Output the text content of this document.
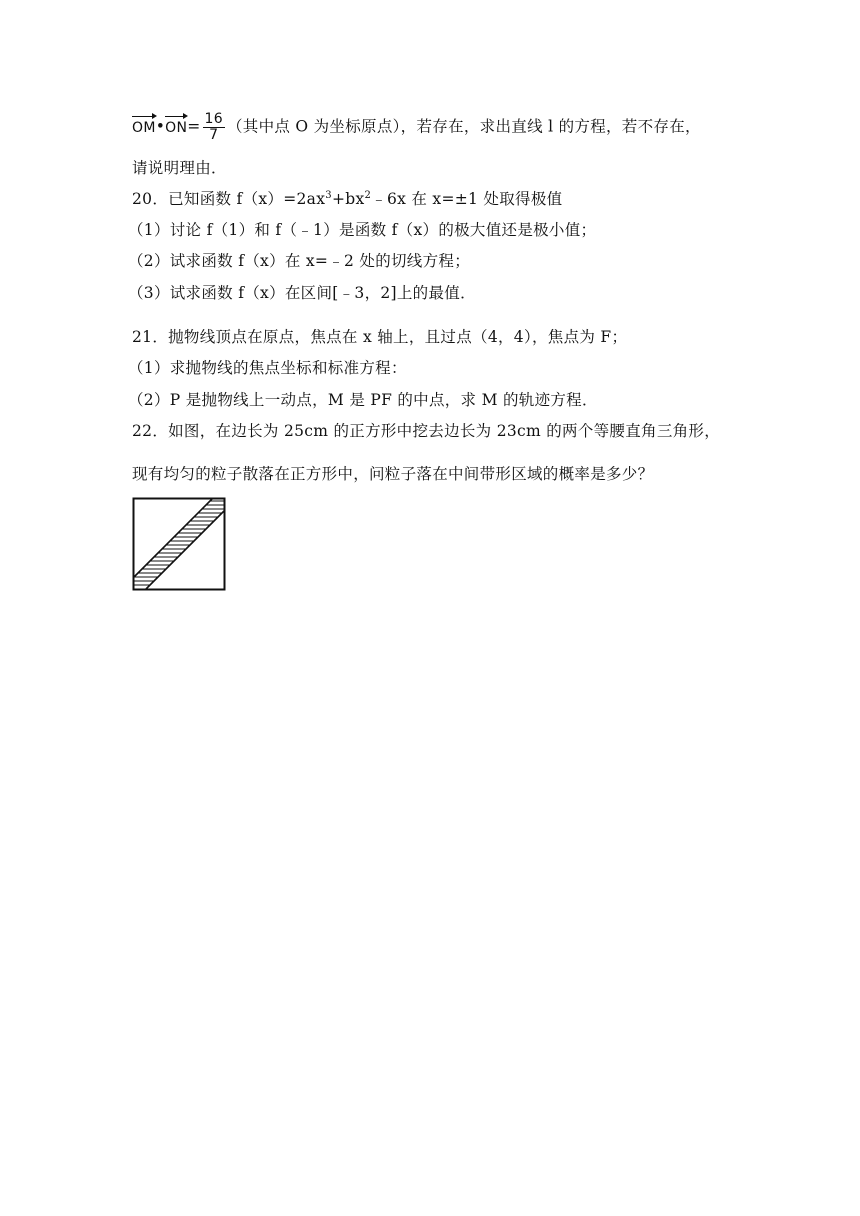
OM•ON= $\frac{16}{7}$ （其中点 O 为坐标原点），若存在，求出直线 l 的方程，若不存在，
请说明理由．
20．已知函数 $f(x)=2ax^3+bx^2﹣6x$ 在 x=±1 处取得极值
（1）讨论 f（1）和 f（﹣1）是函数 f（x）的极大值还是极小值；
（2）试求函数 f（x）在 x=﹣2 处的切线方程；
（3）试求函数 f（x）在区间[﹣3，2]上的最值．
21．抛物线顶点在原点，焦点在 x 轴上，且过点（4，4），焦点为 F；
（1）求抛物线的焦点坐标和标准方程：
（2）P 是抛物线上一动点，M 是 PF 的中点，求 M 的轨迹方程．
22．如图，在边长为 25cm 的正方形中挖去边长为 23cm 的两个等腰直角三角形，
现有均匀的粒子散落在正方形中，问粒子落在中间带形区域的概率是多少？
